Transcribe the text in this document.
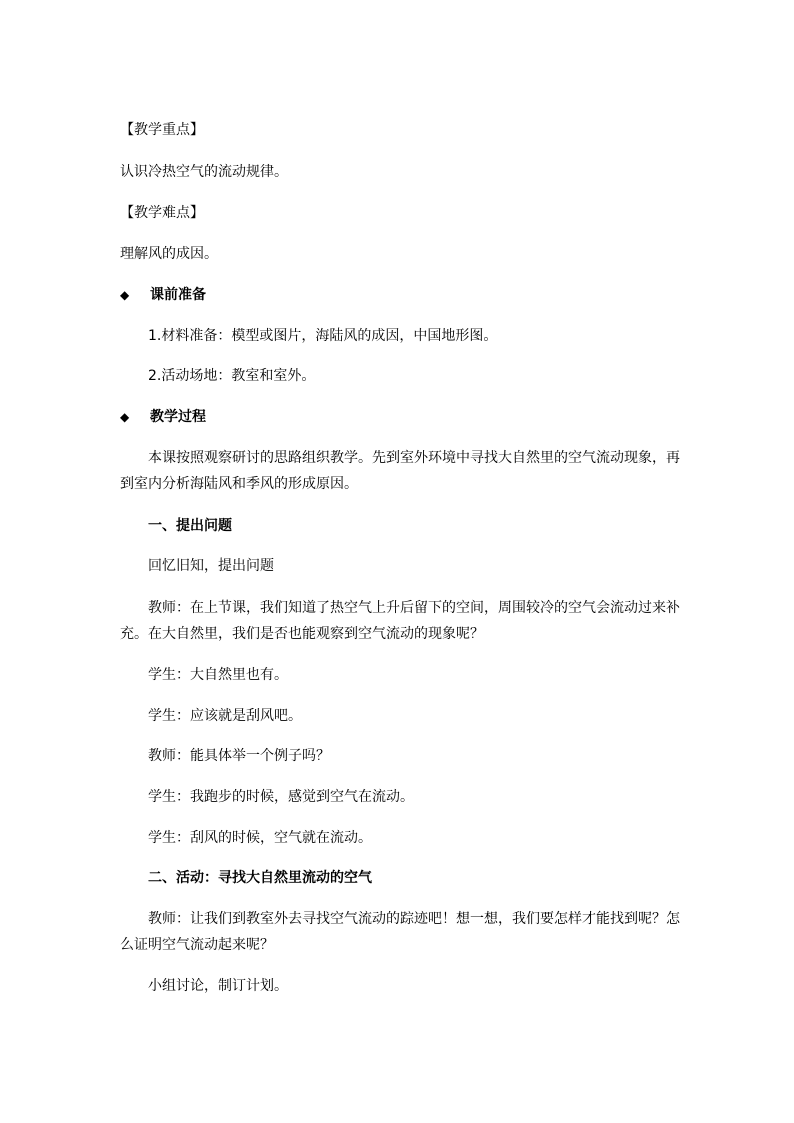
【教学重点】
认识冷热空气的流动规律。
【教学难点】
理解风的成因。
◆ 课前准备
1.材料准备：模型或图片，海陆风的成因，中国地形图。
2.活动场地：教室和室外。
◆ 教学过程
本课按照观察研讨的思路组织教学。先到室外环境中寻找大自然里的空气流动现象，再
到室内分析海陆风和季风的形成原因。
一、提出问题
回忆旧知，提出问题
教师：在上节课，我们知道了热空气上升后留下的空间，周围较冷的空气会流动过来补
充。在大自然里，我们是否也能观察到空气流动的现象呢？
学生：大自然里也有。
学生：应该就是刮风吧。
教师：能具体举一个例子吗？
学生：我跑步的时候，感觉到空气在流动。
学生：刮风的时候，空气就在流动。
二、活动：寻找大自然里流动的空气
教师：让我们到教室外去寻找空气流动的踪迹吧！想一想，我们要怎样才能找到呢？怎
么证明空气流动起来呢？
小组讨论，制订计划。
